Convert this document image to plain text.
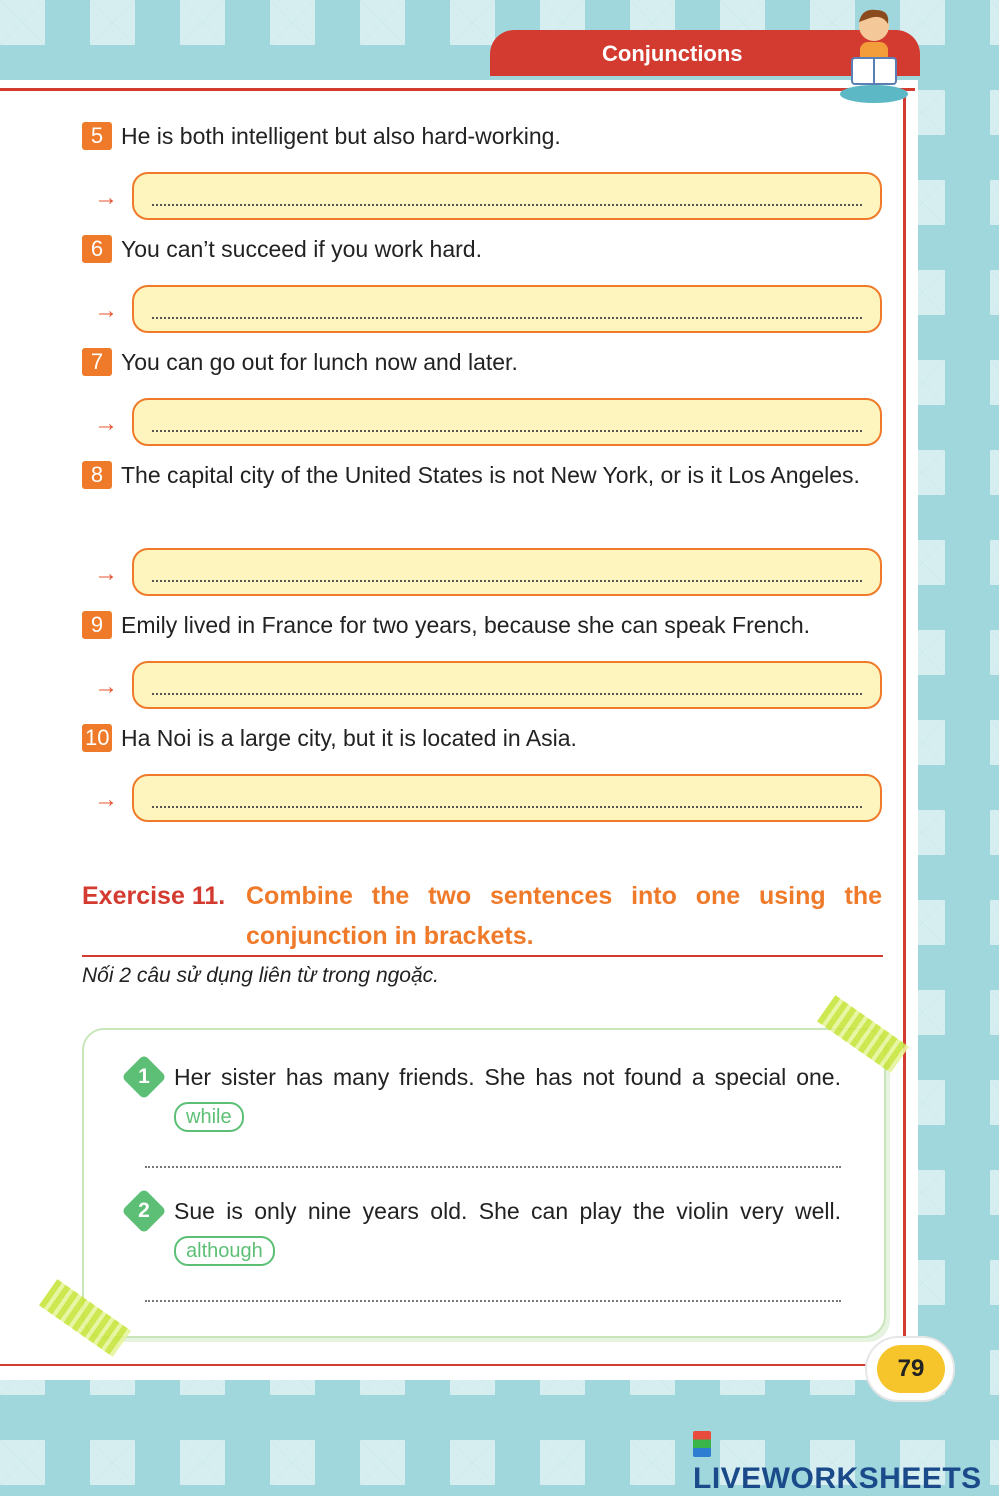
Conjunctions
5 He is both intelligent but also hard-working.
→
6 You can’t succeed if you work hard.
→
7 You can go out for lunch now and later.
→
8 The capital city of the United States is not New York, or is it Los Angeles.
→
9 Emily lived in France for two years, because she can speak French.
→
10 Ha Noi is a large city, but it is located in Asia.
→
Exercise 11. Combine the two sentences into one using the
conjunction in brackets.
Nối 2 câu sử dụng liên từ trong ngoặc.
1	Her sister has many friends. She has not found a special one. while
2	Sue is only nine years old. She can play the violin very well. although
79
LIVEWORKSHEETS
